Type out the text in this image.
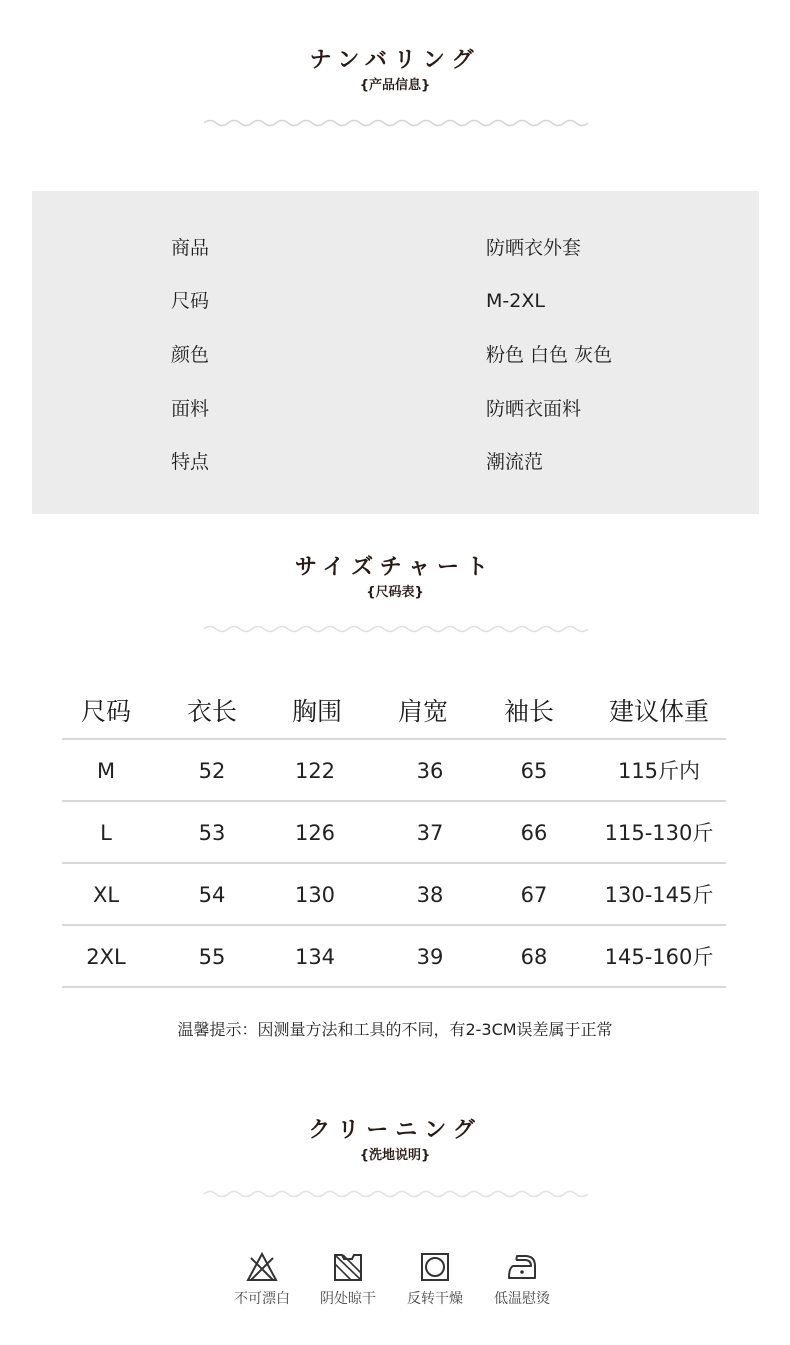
ナンバリング
{产品信息}
商品	防晒衣外套
尺码	M-2XL
颜色	粉色 白色 灰色
面料	防晒衣面料
特点	潮流范
サイズチャート
{尺码表}
尺码	衣长	胸围	肩宽	袖长	建议体重
M	52	122	36	65	115斤内
L	53	126	37	66	115-130斤
XL	54	130	38	67	130-145斤
2XL	55	134	39	68	145-160斤
温馨提示：因测量方法和工具的不同，有2-3CM误差属于正常
クリーニング
{洗地说明}
不可漂白	阴处晾干	反转干燥	低温慰烫
